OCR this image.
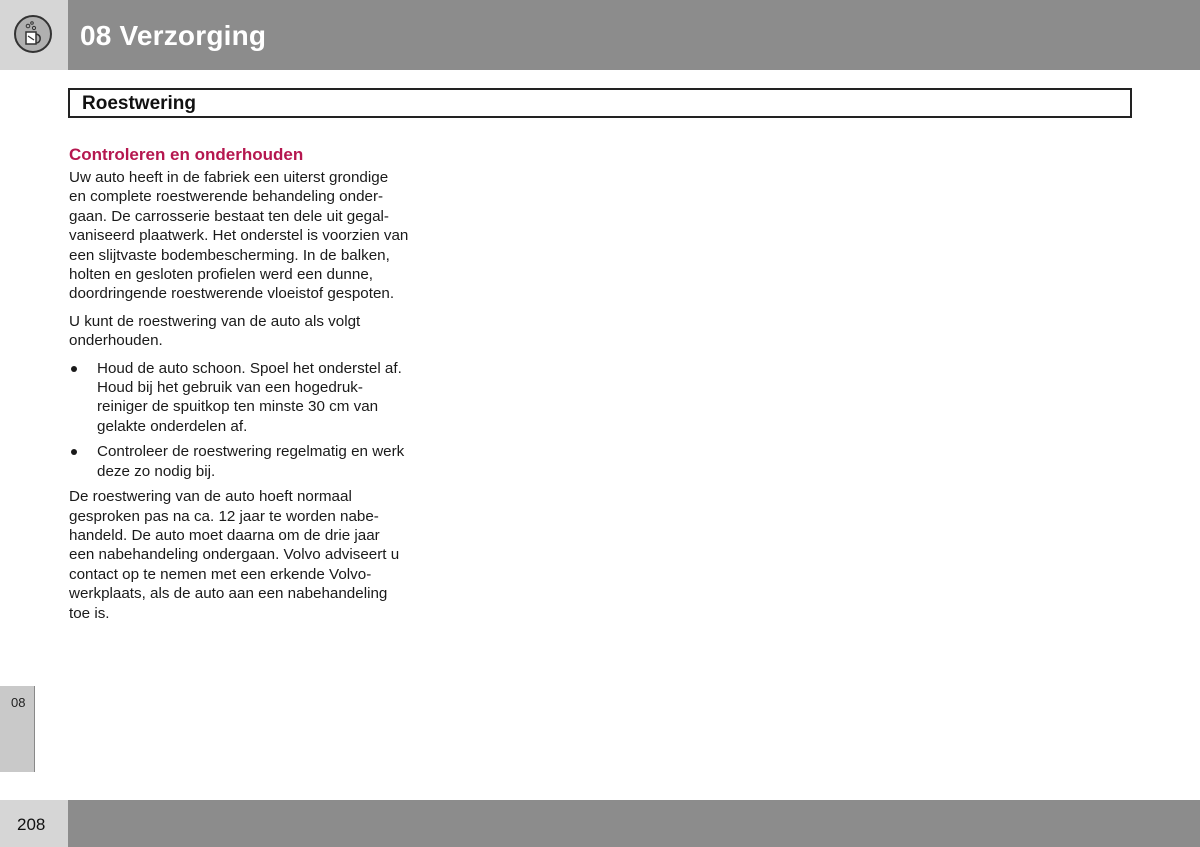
08 Verzorging
Roestwering
Controleren en onderhouden

Uw auto heeft in de fabriek een uiterst grondige en complete roestwerende behandeling onder-gaan. De carrosserie bestaat ten dele uit gegal-vaniseerd plaatwerk. Het onderstel is voorzien van een slijtvaste bodembescherming. In de balken, holten en gesloten profielen werd een dunne, doordringende roestwerende vloeistof gespoten.

U kunt de roestwering van de auto als volgt onderhouden.

Houd de auto schoon. Spoel het onderstel af. Houd bij het gebruik van een hogedruk-reiniger de spuitkop ten minste 30 cm van gelakte onderdelen af.
Controleer de roestwering regelmatig en werk deze zo nodig bij.

De roestwering van de auto hoeft normaal gesproken pas na ca. 12 jaar te worden nabe-handeld. De auto moet daarna om de drie jaar een nabehandeling ondergaan. Volvo adviseert u contact op te nemen met een erkende Volvo-werkplaats, als de auto aan een nabehandeling toe is.

08
208
